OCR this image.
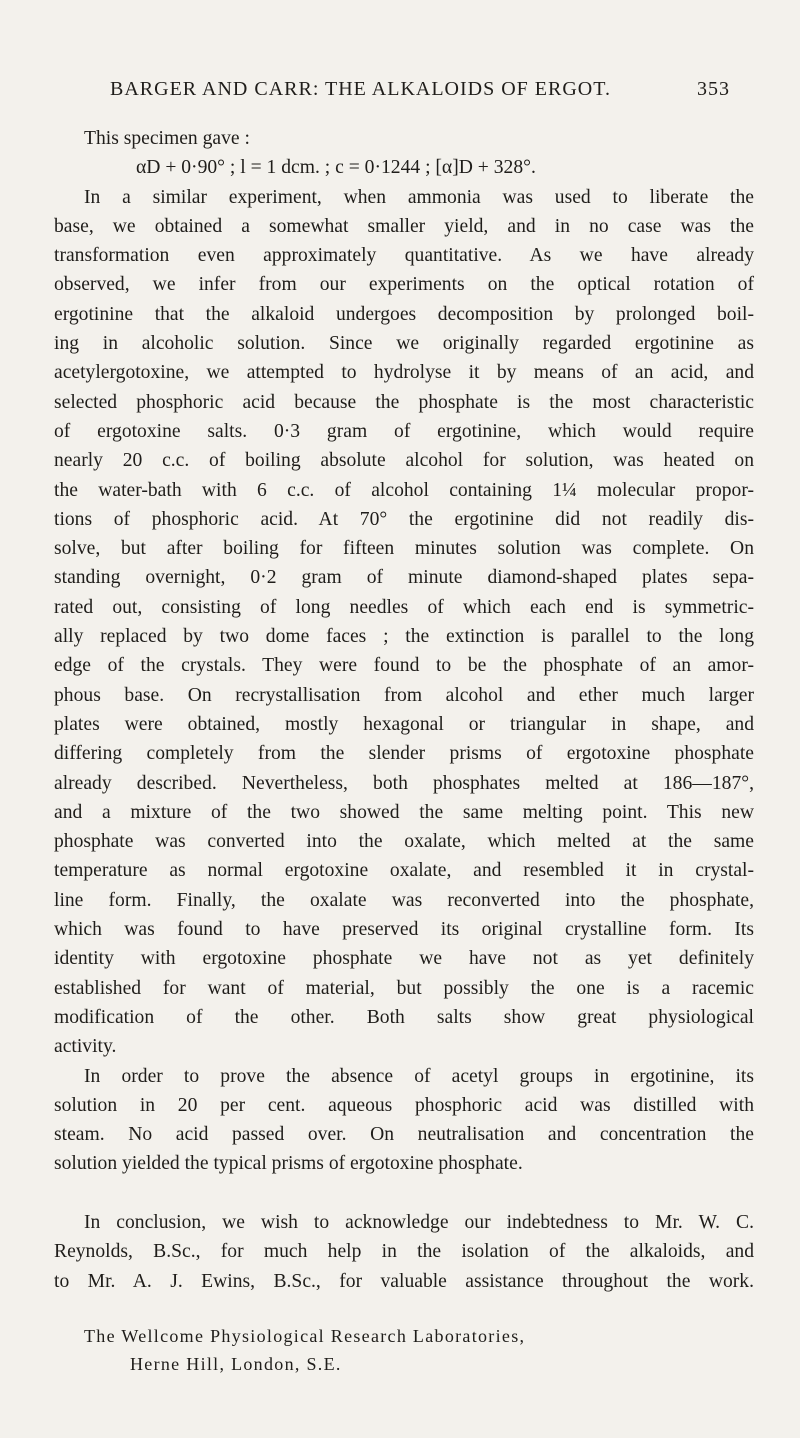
BARGER AND CARR: THE ALKALOIDS OF ERGOT.	353
This specimen gave :
αD + 0·90° ; l = 1 dcm. ; c = 0·1244 ; [α]D + 328°.
In a similar experiment, when ammonia was used to liberate the
base, we obtained a somewhat smaller yield, and in no case was the
transformation even approximately quantitative. As we have already
observed, we infer from our experiments on the optical rotation of
ergotinine that the alkaloid undergoes decomposition by prolonged boil-
ing in alcoholic solution. Since we originally regarded ergotinine as
acetylergotoxine, we attempted to hydrolyse it by means of an acid, and
selected phosphoric acid because the phosphate is the most characteristic
of ergotoxine salts. 0·3 gram of ergotinine, which would require
nearly 20 c.c. of boiling absolute alcohol for solution, was heated on
the water-bath with 6 c.c. of alcohol containing 1¼ molecular propor-
tions of phosphoric acid. At 70° the ergotinine did not readily dis-
solve, but after boiling for fifteen minutes solution was complete. On
standing overnight, 0·2 gram of minute diamond-shaped plates sepa-
rated out, consisting of long needles of which each end is symmetric-
ally replaced by two dome faces ; the extinction is parallel to the long
edge of the crystals. They were found to be the phosphate of an amor-
phous base. On recrystallisation from alcohol and ether much larger
plates were obtained, mostly hexagonal or triangular in shape, and
differing completely from the slender prisms of ergotoxine phosphate
already described. Nevertheless, both phosphates melted at 186—187°,
and a mixture of the two showed the same melting point. This new
phosphate was converted into the oxalate, which melted at the same
temperature as normal ergotoxine oxalate, and resembled it in crystal-
line form. Finally, the oxalate was reconverted into the phosphate,
which was found to have preserved its original crystalline form. Its
identity with ergotoxine phosphate we have not as yet definitely
established for want of material, but possibly the one is a racemic
modification of the other. Both salts show great physiological
activity.
In order to prove the absence of acetyl groups in ergotinine, its
solution in 20 per cent. aqueous phosphoric acid was distilled with
steam. No acid passed over. On neutralisation and concentration the
solution yielded the typical prisms of ergotoxine phosphate.

In conclusion, we wish to acknowledge our indebtedness to Mr. W. C.
Reynolds, B.Sc., for much help in the isolation of the alkaloids, and
to Mr. A. J. Ewins, B.Sc., for valuable assistance throughout the work.
The Wellcome Physiological Research Laboratories,
Herne Hill, London, S.E.
